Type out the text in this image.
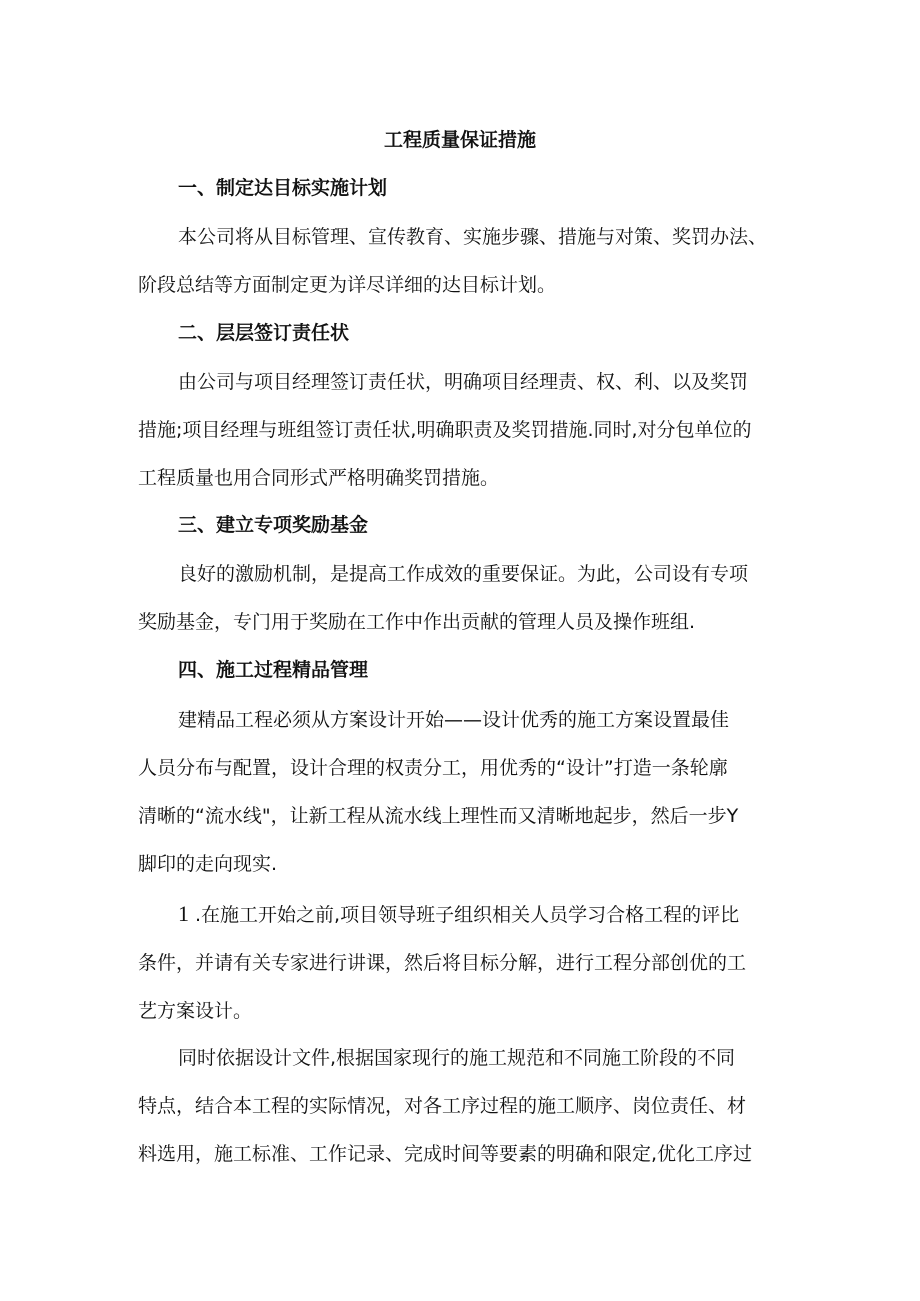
工程质量保证措施
一、制定达目标实施计划
本公司将从目标管理、宣传教育、实施步骤、措施与对策、奖罚办法、
阶段总结等方面制定更为详尽详细的达目标计划。
二、层层签订责任状
由公司与项目经理签订责任状，明确项目经理责、权、利、以及奖罚
措施;项目经理与班组签订责任状,明确职责及奖罚措施.同时,对分包单位的
工程质量也用合同形式严格明确奖罚措施。
三、建立专项奖励基金
良好的激励机制，是提高工作成效的重要保证。为此，公司设有专项
奖励基金，专门用于奖励在工作中作出贡献的管理人员及操作班组.
四、施工过程精品管理
建精品工程必须从方案设计开始——设计优秀的施工方案设置最佳
人员分布与配置，设计合理的权责分工，用优秀的“设计”打造一条轮廓
清晰的“流水线"，让新工程从流水线上理性而又清晰地起步，然后一步Y
脚印的走向现实.
1 .在施工开始之前,项目领导班子组织相关人员学习合格工程的评比
条件，并请有关专家进行讲课，然后将目标分解，进行工程分部创优的工
艺方案设计。
同时依据设计文件,根据国家现行的施工规范和不同施工阶段的不同
特点，结合本工程的实际情况，对各工序过程的施工顺序、岗位责任、材
料选用，施工标准、工作记录、完成时间等要素的明确和限定,优化工序过
